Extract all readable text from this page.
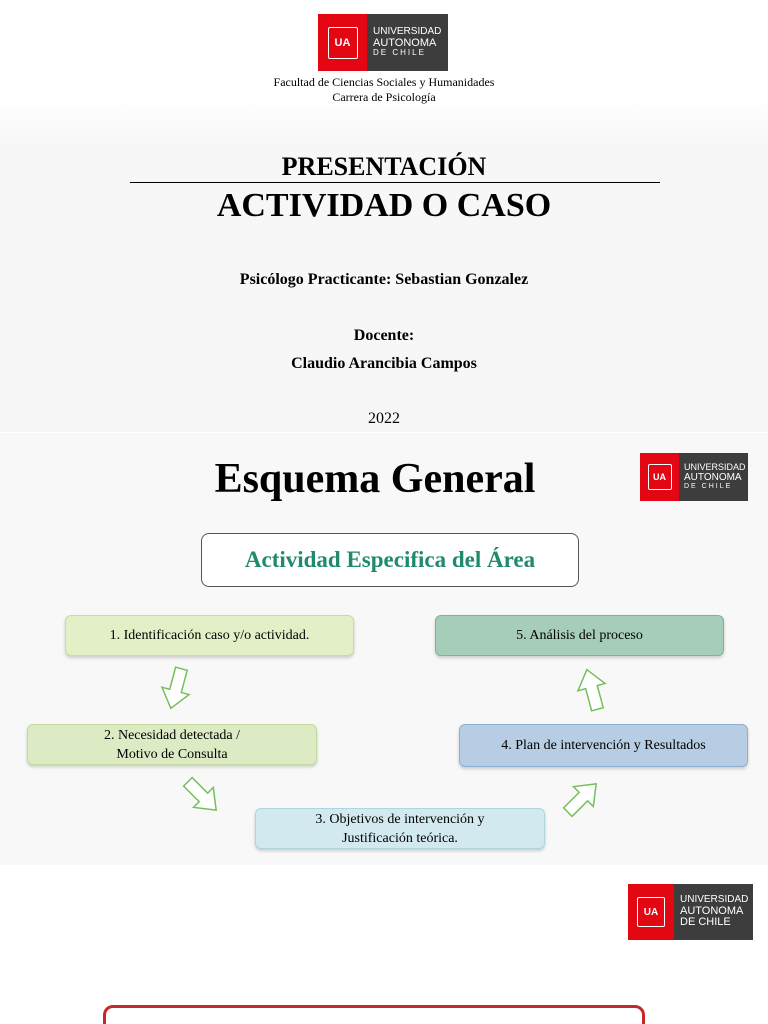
UA
UNIVERSIDAD
AUTONOMA
DE CHILE
Facultad de Ciencias Sociales y Humanidades
Carrera de Psicología
PRESENTACIÓN
ACTIVIDAD O CASO
Psicólogo Practicante: Sebastian Gonzalez
Docente:
Claudio Arancibia Campos
2022
Esquema General	UA
UNIVERSIDAD
AUTONOMA
DE CHILE
Actividad Especifica del Área
1. Identificación caso y/o actividad.
2. Necesidad detectada /
Motivo de Consulta
3. Objetivos de intervención y
Justificación teórica.
4. Plan de intervención y Resultados
5. Análisis del proceso
UA
UNIVERSIDAD
AUTONOMA
DE CHILE
